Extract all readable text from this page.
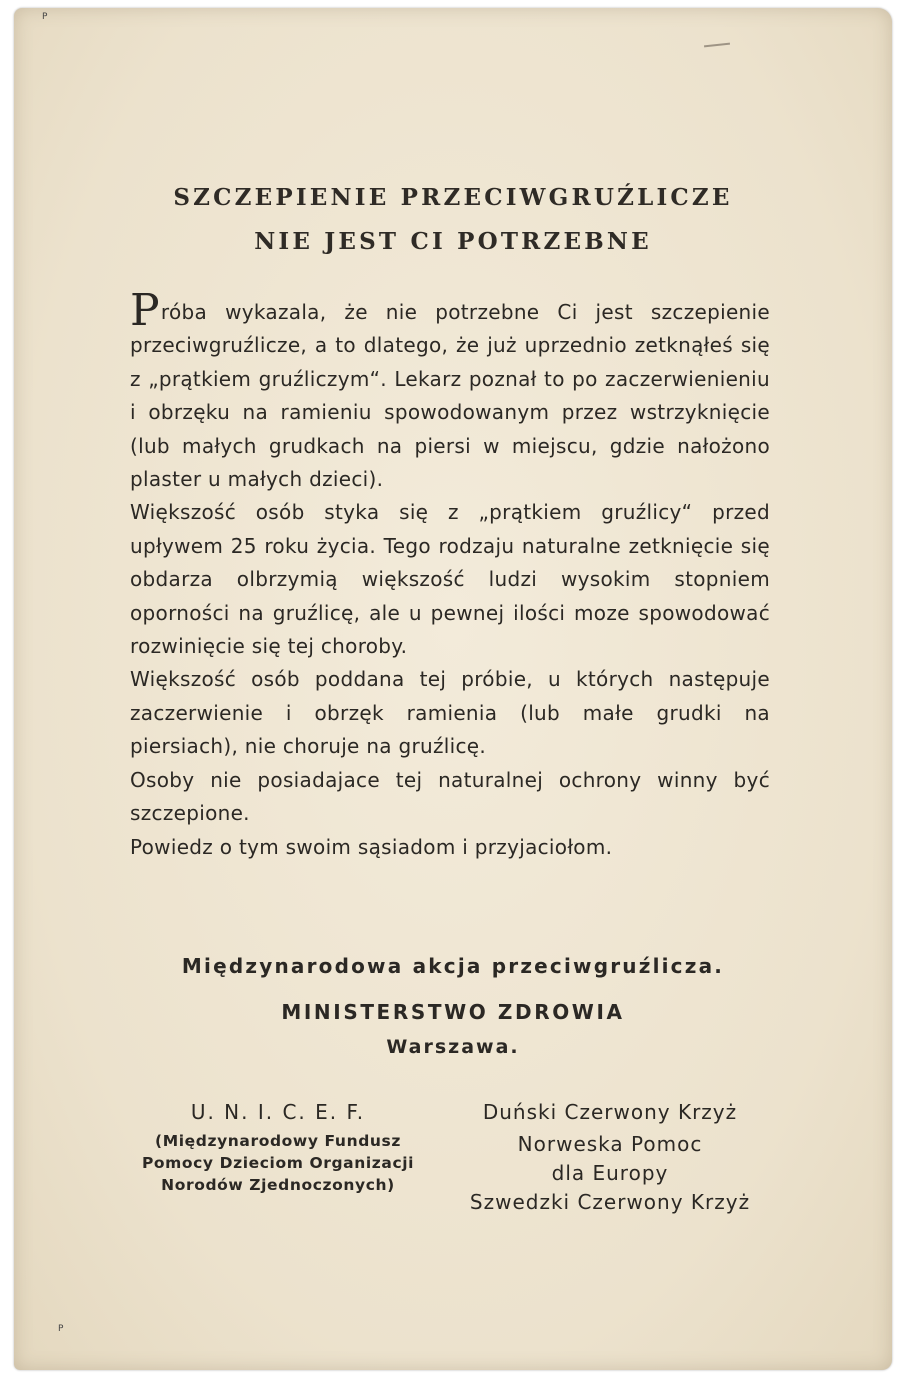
P
SZCZEPIENIE PRZECIWGRUŹLICZE
NIE JEST CI POTRZEBNE

Próba wykazala, że nie potrzebne Ci jest szczepienie przeciwgruźlicze, a to dlatego, że już uprzednio zetknąłeś się z „prątkiem gruźliczym“. Lekarz poznał to po zaczerwienieniu i obrzęku na ramieniu spowodowanym przez wstrzyknięcie (lub małych grudkach na piersi w miejscu, gdzie nałożono plaster u małych dzieci).

Większość osób styka się z „prątkiem gruźlicy“ przed upływem 25 roku życia. Tego rodzaju naturalne zetknięcie się obdarza olbrzymią większość ludzi wysokim stopniem oporności na gruźlicę, ale u pewnej ilości moze spowodować rozwinięcie się tej choroby.

Większość osób poddana tej próbie, u których następuje zaczerwienie i obrzęk ramienia (lub małe grudki na piersiach), nie choruje na gruźlicę.

Osoby nie posiadajace tej naturalnej ochrony winny być szczepione.

Powiedz o tym swoim sąsiadom i przyjaciołom.

Międzynarodowa akcja przeciwgruźlicza.
MINISTERSTWO ZDROWIA
Warszawa.
U. N. I. C. E. F.
(Międzynarodowy Fundusz
Pomocy Dzieciom Organizacji
Norodów Zjednoczonych)
Duński Czerwony Krzyż
Norweska Pomoc
dla Europy
Szwedzki Czerwony Krzyż
P
